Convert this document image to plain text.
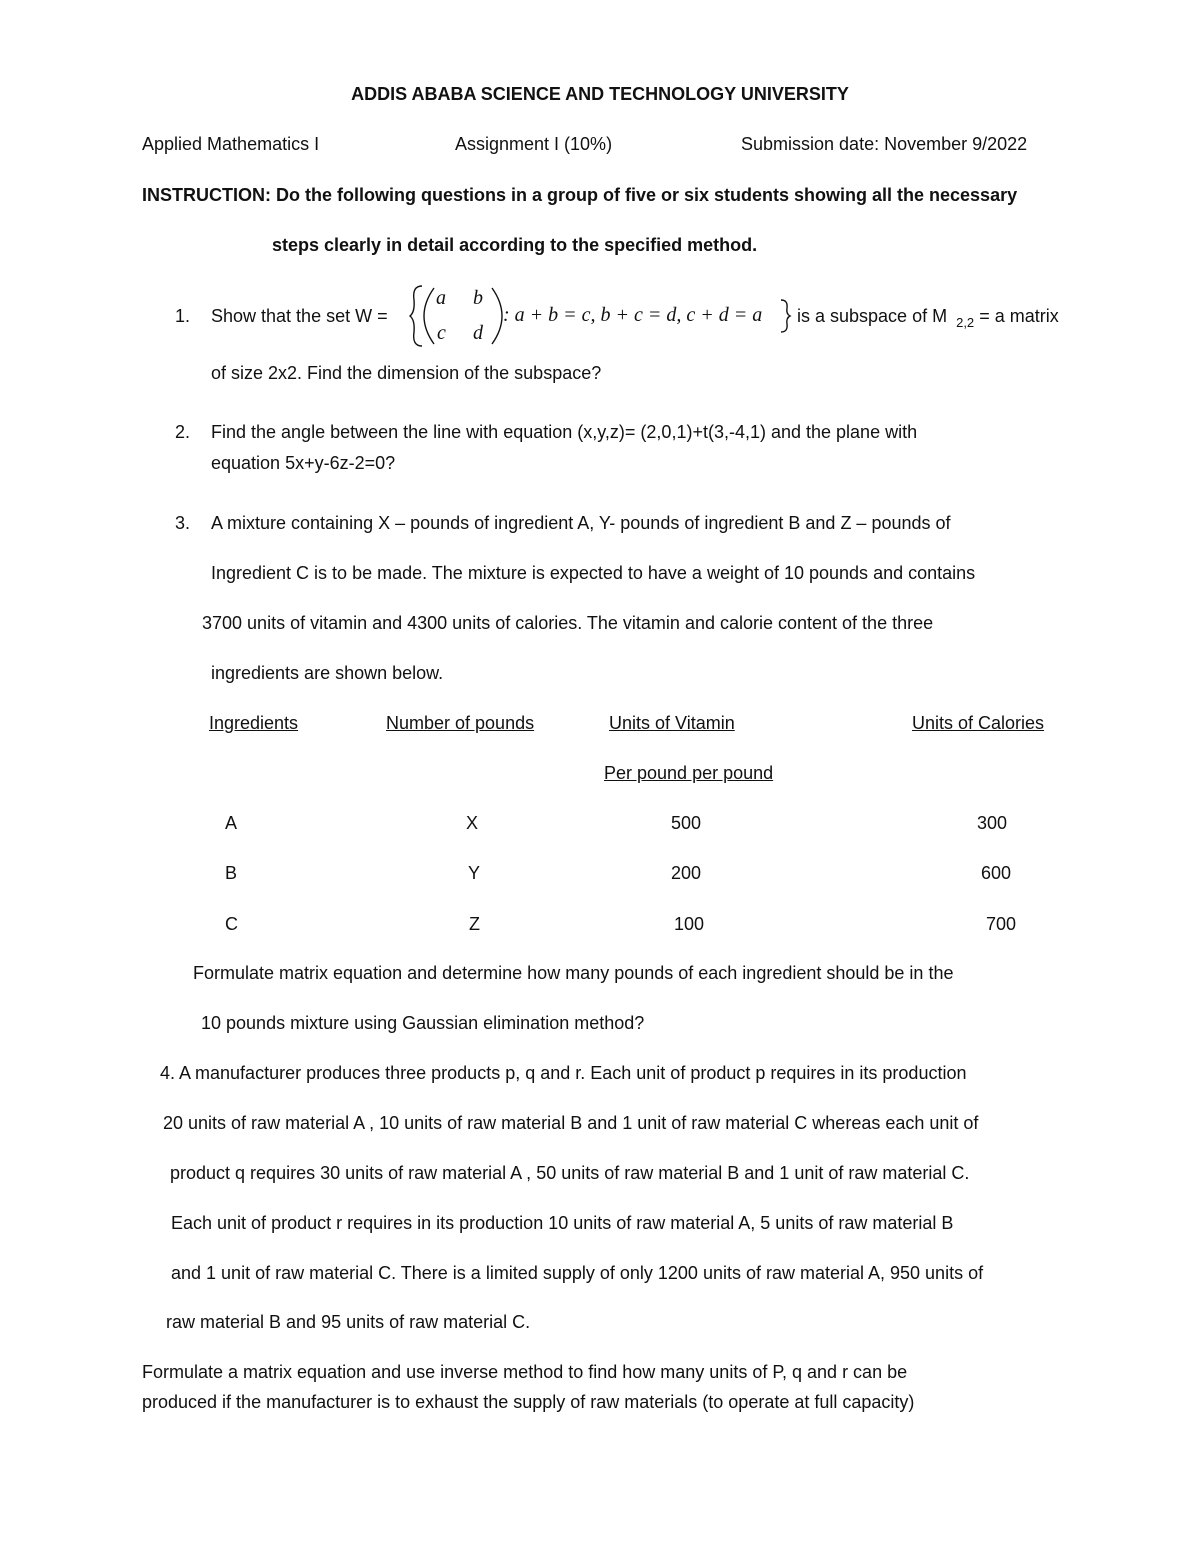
ADDIS ABABA SCIENCE AND TECHNOLOGY UNIVERSITY
Applied Mathematics I	Assignment I (10%)	Submission date: November 9/2022
INSTRUCTION: Do the following questions in a group of five or six students showing all the necessary
steps clearly in detail according to the specified method.
1. Show that the set W =
a b
c d
: a + b = c, b + c = d, c + d = a is a subspace of M $_{2,2}$ = a matrix
of size 2x2. Find the dimension of the subspace?
2. Find the angle between the line with equation (x,y,z)= (2,0,1)+t(3,-4,1) and the plane with
equation 5x+y-6z-2=0?
3. A mixture containing X – pounds of ingredient A, Y- pounds of ingredient B and Z – pounds of
Ingredient C is to be made. The mixture is expected to have a weight of 10 pounds and contains
3700 units of vitamin and 4300 units of calories. The vitamin and calorie content of the three
ingredients are shown below.
Ingredients	Number of pounds	Units of Vitamin	Units of Calories
Per pound per pound
A	X	500	300
B	Y	200	600
C	Z	100	700
Formulate matrix equation and determine how many pounds of each ingredient should be in the
10 pounds mixture using Gaussian elimination method?
4. A manufacturer produces three products p, q and r. Each unit of product p requires in its production
20 units of raw material A , 10 units of raw material B and 1 unit of raw material C whereas each unit of
product q requires 30 units of raw material A , 50 units of raw material B and 1 unit of raw material C.
Each unit of product r requires in its production 10 units of raw material A, 5 units of raw material B
and 1 unit of raw material C. There is a limited supply of only 1200 units of raw material A, 950 units of
raw material B and 95 units of raw material C.
Formulate a matrix equation and use inverse method to find how many units of P, q and r can be
produced if the manufacturer is to exhaust the supply of raw materials (to operate at full capacity)
